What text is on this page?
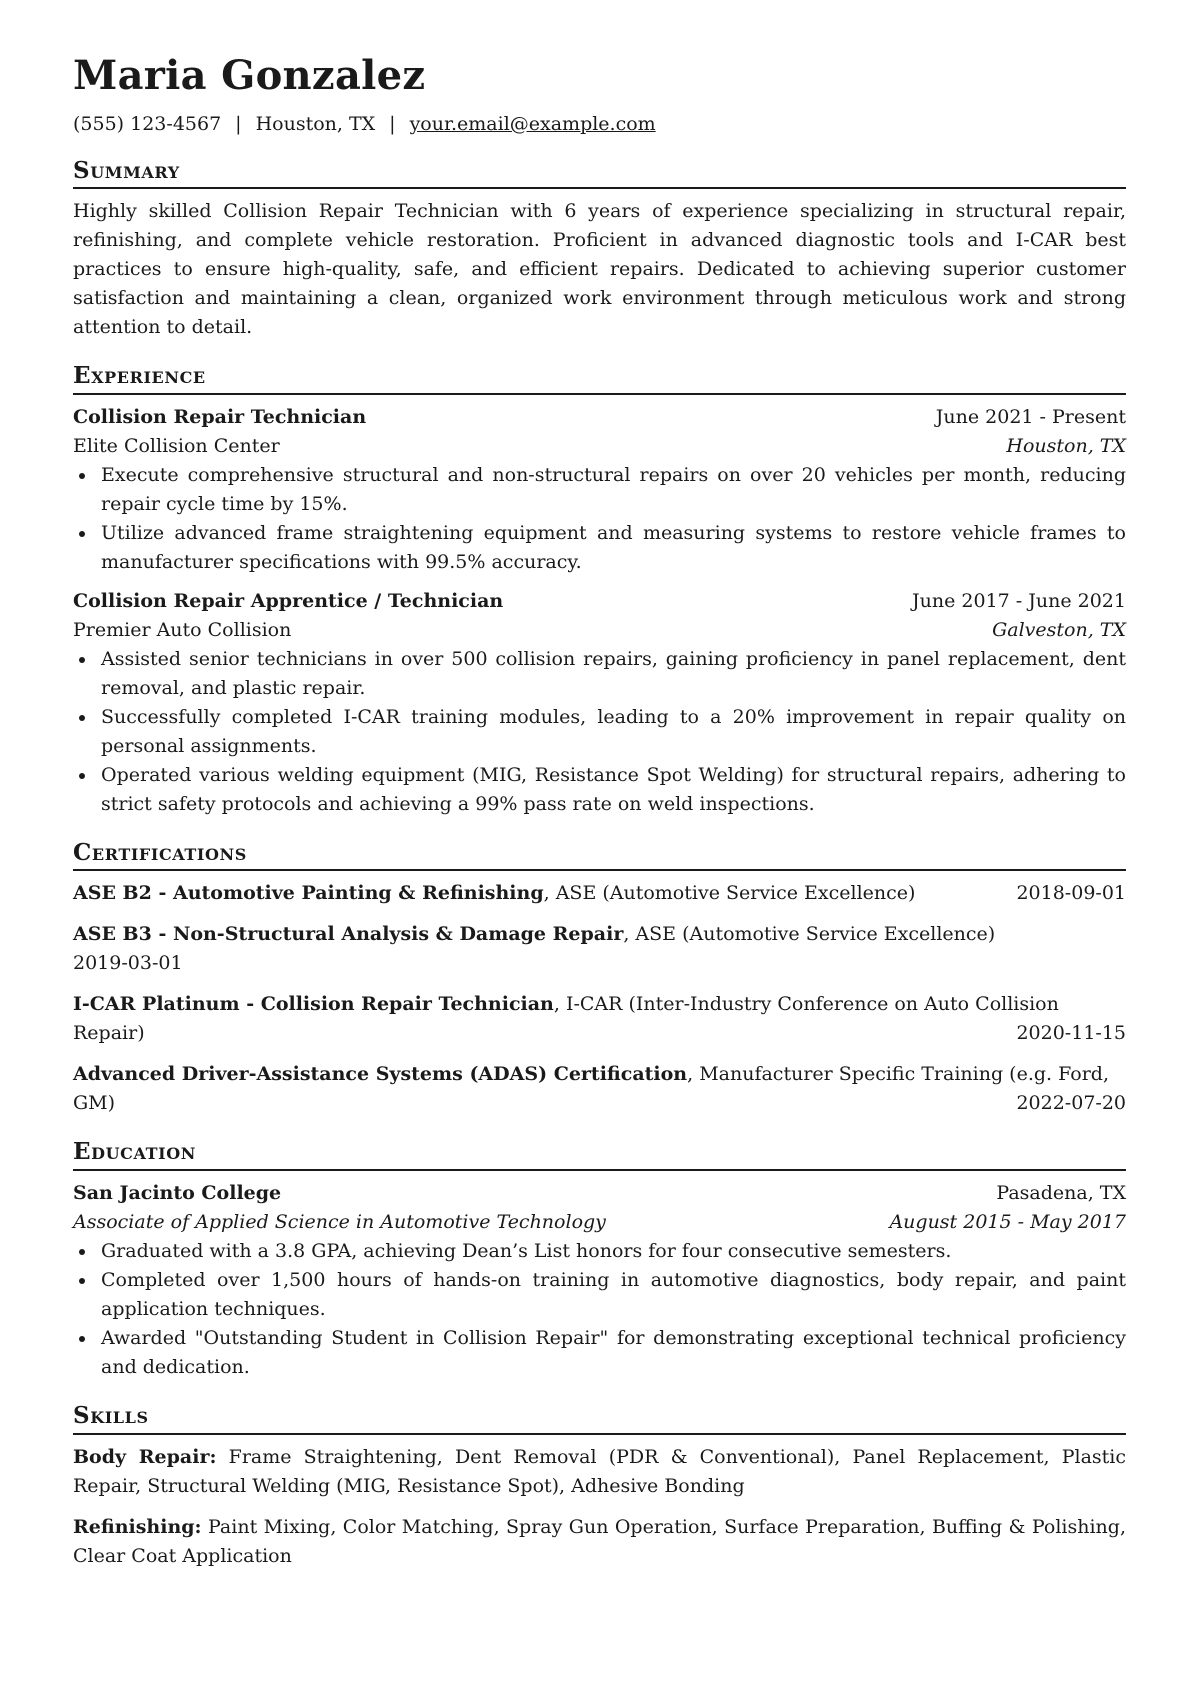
Maria Gonzalez
(555) 123-4567 | Houston, TX | your.email@example.com
Summary
Highly skilled Collision Repair Technician with 6 years of experience specializing in structural repair, refinishing, and complete vehicle restoration. Proficient in advanced diagnostic tools and I-CAR best practices to ensure high-quality, safe, and efficient repairs. Dedicated to achieving superior customer satisfaction and maintaining a clean, organized work environment through meticulous work and strong attention to detail.
Experience
Collision Repair Technician	June 2021 - Present
Elite Collision Center	Houston, TX
Execute comprehensive structural and non-structural repairs on over 20 vehicles per month, reducing repair cycle time by 15%.
Utilize advanced frame straightening equipment and measuring systems to restore vehicle frames to manufacturer specifications with 99.5% accuracy.
Collision Repair Apprentice / Technician	June 2017 - June 2021
Premier Auto Collision	Galveston, TX
Assisted senior technicians in over 500 collision repairs, gaining proficiency in panel replacement, dent removal, and plastic repair.
Successfully completed I-CAR training modules, leading to a 20% improvement in repair quality on personal assignments.
Operated various welding equipment (MIG, Resistance Spot Welding) for structural repairs, adhering to strict safety protocols and achieving a 99% pass rate on weld inspections.
Certifications
ASE B2 - Automotive Painting & Refinishing, ASE (Automotive Service Excellence)	2018-09-01
ASE B3 - Non-Structural Analysis & Damage Repair, ASE (Automotive Service Excellence)
2019-03-01
I-CAR Platinum - Collision Repair Technician, I-CAR (Inter-Industry Conference on Auto Collision Repair)	2020-11-15
Advanced Driver-Assistance Systems (ADAS) Certification, Manufacturer Specific Training (e.g. Ford, GM)	2022-07-20
Education
San Jacinto College	Pasadena, TX
Associate of Applied Science in Automotive Technology	August 2015 - May 2017
Graduated with a 3.8 GPA, achieving Dean’s List honors for four consecutive semesters.
Completed over 1,500 hours of hands-on training in automotive diagnostics, body repair, and paint application techniques.
Awarded "Outstanding Student in Collision Repair" for demonstrating exceptional technical proficiency and dedication.
Skills
Body Repair: Frame Straightening, Dent Removal (PDR & Conventional), Panel Replacement, Plastic Repair, Structural Welding (MIG, Resistance Spot), Adhesive Bonding
Refinishing: Paint Mixing, Color Matching, Spray Gun Operation, Surface Preparation, Buffing & Polishing, Clear Coat Application
